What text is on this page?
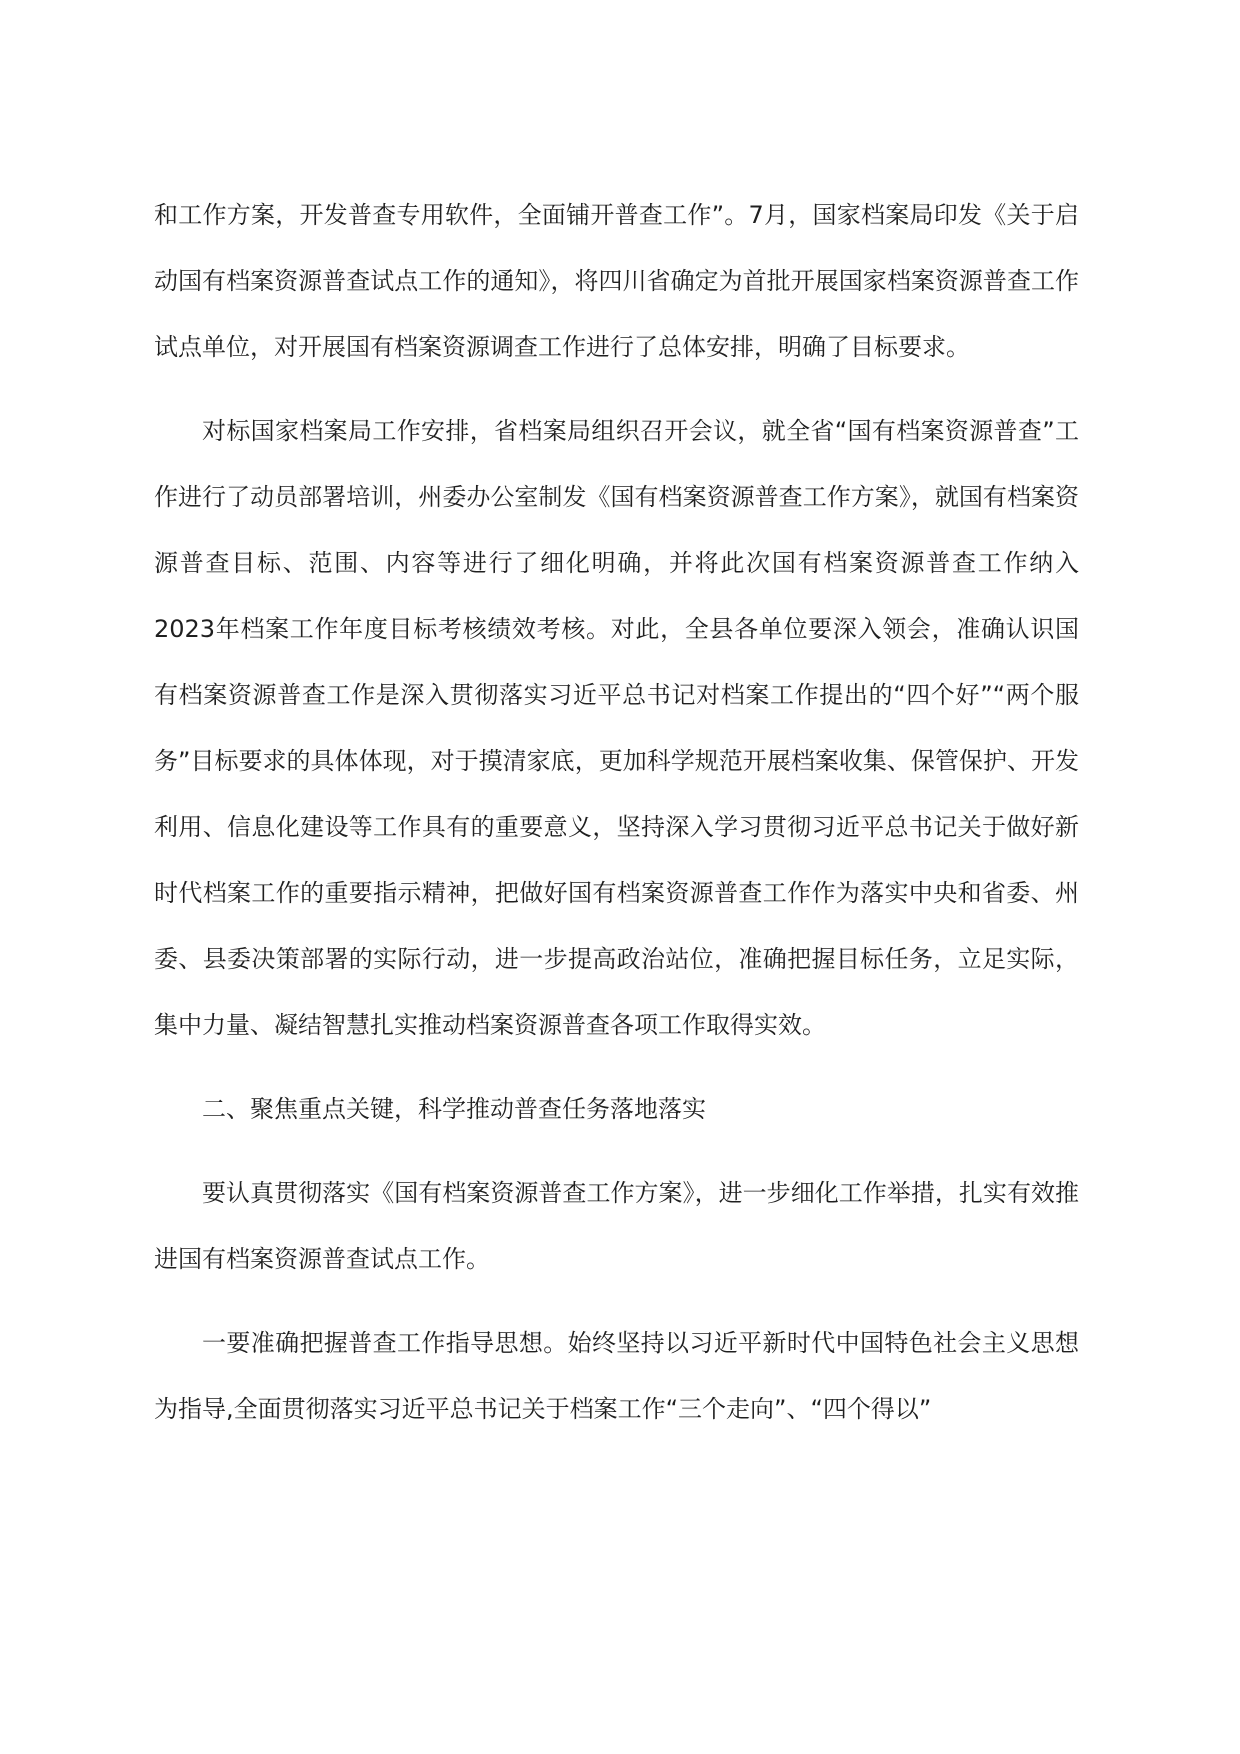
和工作方案，开发普查专用软件，全面铺开普查工作”。7月，国家档案局印发《关于启动国有档案资源普查试点工作的通知》，将四川省确定为首批开展国家档案资源普查工作试点单位，对开展国有档案资源调查工作进行了总体安排，明确了目标要求。

对标国家档案局工作安排，省档案局组织召开会议，就全省“国有档案资源普查”工作进行了动员部署培训，州委办公室制发《国有档案资源普查工作方案》，就国有档案资源普查目标、范围、内容等进行了细化明确，并将此次国有档案资源普查工作纳入2023年档案工作年度目标考核绩效考核。对此，全县各单位要深入领会，准确认识国有档案资源普查工作是深入贯彻落实习近平总书记对档案工作提出的“四个好”“两个服务”目标要求的具体体现，对于摸清家底，更加科学规范开展档案收集、保管保护、开发利用、信息化建设等工作具有的重要意义，坚持深入学习贯彻习近平总书记关于做好新时代档案工作的重要指示精神，把做好国有档案资源普查工作作为落实中央和省委、州委、县委决策部署的实际行动，进一步提高政治站位，准确把握目标任务，立足实际，集中力量、凝结智慧扎实推动档案资源普查各项工作取得实效。

二、聚焦重点关键，科学推动普查任务落地落实

要认真贯彻落实《国有档案资源普查工作方案》，进一步细化工作举措，扎实有效推进国有档案资源普查试点工作。

一要准确把握普查工作指导思想。始终坚持以习近平新时代中国特色社会主义思想为指导,全面贯彻落实习近平总书记关于档案工作“三个走向”、“四个得以”
